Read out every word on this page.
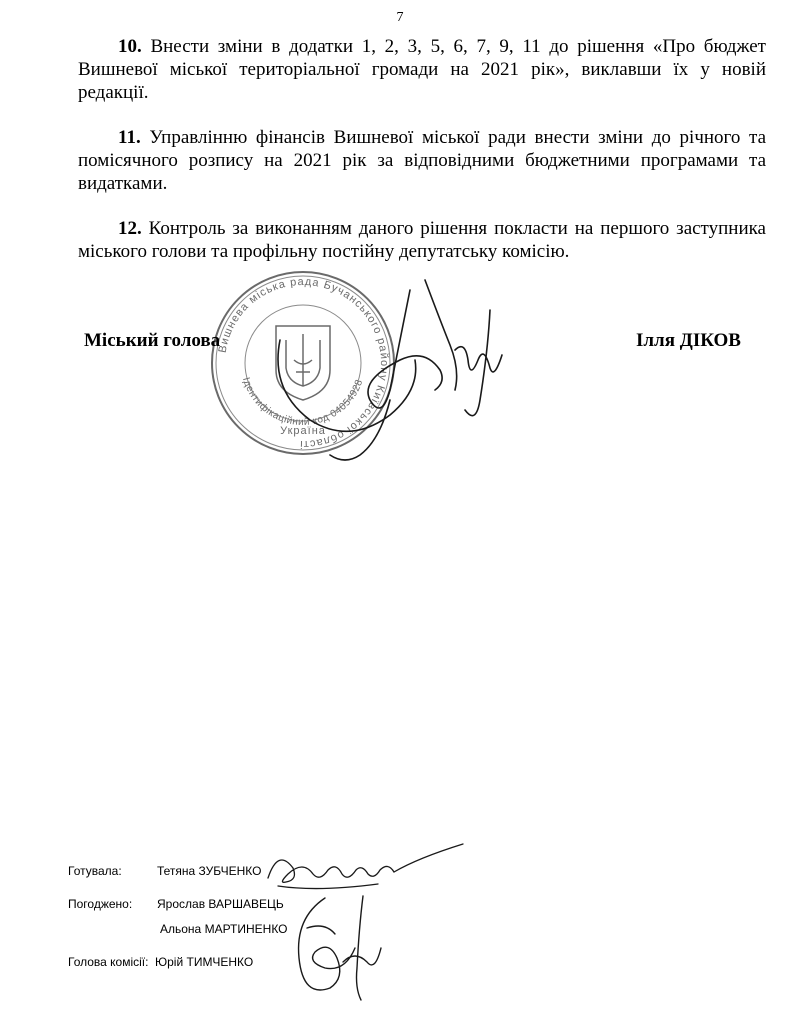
7

10. Внести зміни в додатки 1, 2, 3, 5, 6, 7, 9, 11 до рішення «Про бюджет Вишневої міської територіальної громади на 2021 рік», виклавши їх у новій редакції.

11. Управлінню фінансів Вишневої міської ради внести зміни до річного та помісячного розпису на 2021 рік за відповідними бюджетними програмами та видатками.

12. Контроль за виконанням даного рішення покласти на першого заступника міського голови та профільну постійну депутатську комісію.

Вишнева міська рада Бучанського району Київської області
Ідентифікаційний код 04054928
Україна
Міський голова	Ілля ДІКОВ
Готувала:	Тетяна ЗУБЧЕНКО
Погоджено: Ярослав ВАРШАВЕЦЬ
Альона МАРТИНЕНКО
Голова комісії: Юрій ТИМЧЕНКО
